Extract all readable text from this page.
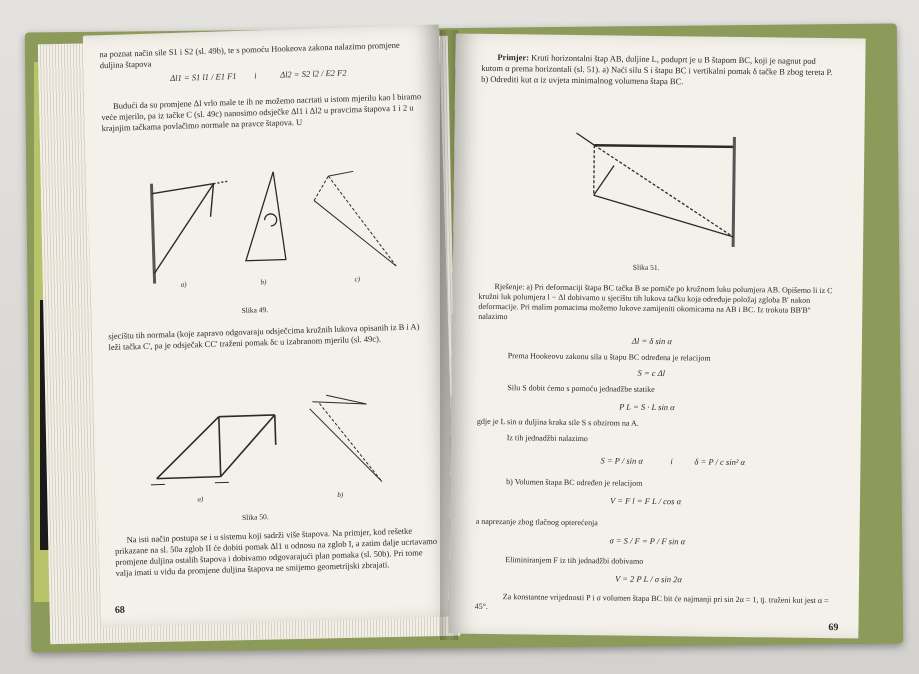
na poznat način sile S1 i S2 (sl. 49b), te s pomoću Hookeova zakona nalazimo promjene duljina štapova
Δl1 = S1 l1 / E1 F1 i	Δl2 = S2 l2 / E2 F2
Budući da su promjene Δl vrlo male te ih ne možemo nacrtati u istom mjerilu kao l biramo veće mjerilo, pa iz tačke C (sl. 49c) nanosimo odsječke Δl1 i Δl2 u pravcima štapova 1 i 2 u krajnjim tačkama povlačimo normale na pravce štapova. U
a)	b)	c)
Slika 49.
sjecištu tih normala (koje zapravo odgovaraju odsječcima kružnih lukova opisanih iz B i A) leži tačka C', pa je odsječak CC' traženi pomak δc u izabranom mjerilu (sl. 49c).
a)
b)
Slika 50.
Na isti način postupa se i u sistemu koji sadrži više štapova. Na primjer, kod rešetke prikazane na sl. 50a zglob II će dobiti pomak Δl1 u odnosu na zglob I, a zatim dalje ucrtavamo promjene duljina ostalih štapova i dobivamo odgovarajući plan pomaka (sl. 50b). Pri tome valja imati u vidu da promjene duljina štapova ne smijemo geometrijski zbrajati.
68
Primjer: Kruti horizontalni štap AB, duljine L, poduprt je u B štapom BC, koji je nagnut pod kutom α prema horizontali (sl. 51). a) Naći silu S i štapu BC i vertikalni pomak δ tačke B zbog tereta P. b) Odrediti kut α iz uvjeta minimalnog volumena štapa BC.
Slika 51.
Rješenje: a) Pri deformaciji štapa BC tačka B se pomiče po kružnom luku polumjera AB. Opišemo li iz C kružni luk polumjera l − Δl dobivamo u sjecištu tih lukova tačku koja određuje položaj zgloba B' nakon deformacije. Pri malim pomacima možemo lukove zamijeniti okomicama na AB i BC. Iz trokuta BB'B'' nalazimo
Δl = δ sin α
Prema Hookeovu zakonu sila u štapu BC određena je relacijom
S = c Δl
Silu S dobit ćemo s pomoću jednadžbe statike
P L = S · L sin α
gdje je L sin α duljina kraka sile S s obzirom na A.
Iz tih jednadžbi nalazimo
S = P / sin α	i	δ = P / c sin² α
b) Volumen štapa BC određen je relacijom
V = F l = F L / cos α
a naprezanje zbog tlačnog opterećenja
σ = S / F = P / F sin α
Eliminiranjem F iz tih jednadžbi dobivamo
V = 2 P L / σ sin 2α
Za konstantne vrijednosti P i σ volumen štapa BC bit će najmanji pri sin 2α = 1, tj. traženi kut jest α = 45°.
69
